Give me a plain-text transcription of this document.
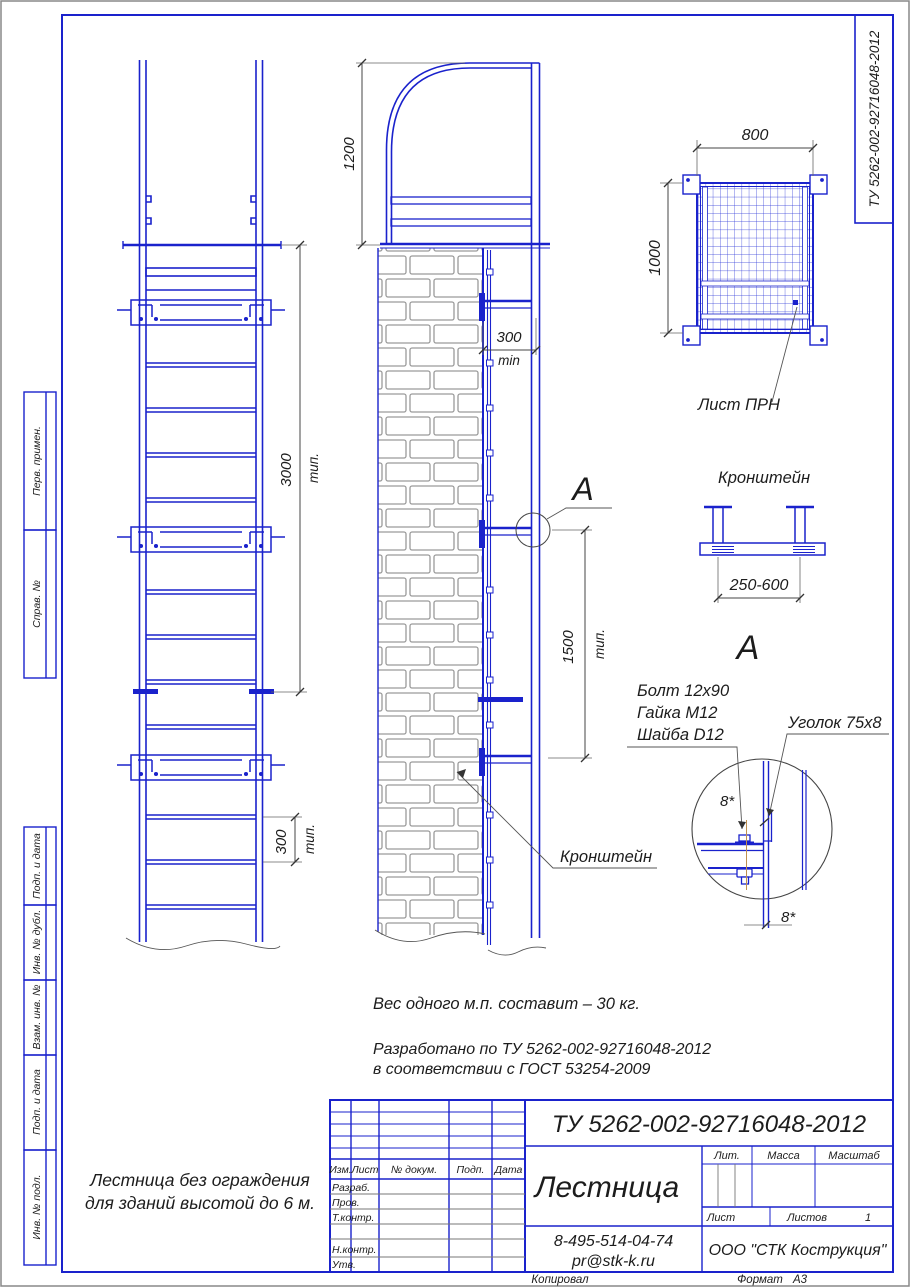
Перв. примен.
Справ. №
Подп. и дата
Инв. № дубл.
Взам. инв. №
Подп. и дата
Инв. № подл.
ТУ 5262-002-92716048-2012
3000 тип.
300 тип.
1200
300
min
А
1500 тип.
Кронштейн
800
1000
Лист ПРН
Кронштейн
250-600
А
Болт 12х90
Гайка М12
Шайба D12
Уголок 75х8
8*
8*
Вес одного м.п. составит – 30 кг.
Разработано по ТУ 5262-002-92716048-2012
в соответствии с ГОСТ 53254-2009
Лестница без ограждения
для зданий высотой до 6 м.
Изм. Лист № докум. Подп. Дата
Разраб.
Пров.
Т.контр.
Н.контр.
Утв.
ТУ 5262-002-92716048-2012
Лестница
Лит. Масса	Масштаб
Лист	Листов	1
8-495-514-04-74
pr@stk-k.ru
ООО "СТК Кострукция"
Копировал	Формат А3
